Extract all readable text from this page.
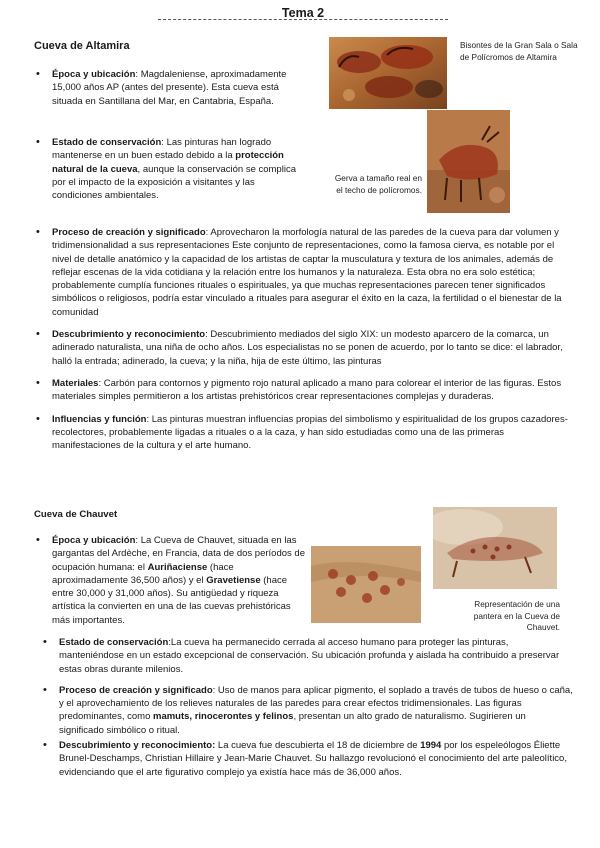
Tema 2
Cueva de Altamira	Bisontes de la Gran Sala o Sala de Polícromos de Altamira
Gerva a tamaño real en el techo de polícromos.
• Época y ubicación: Magdaleniense, aproximadamente 15,000 años AP (antes del presente). Esta cueva está situada en Santillana del Mar, en Cantabria, España.
• Estado de conservación: Las pinturas han logrado mantenerse en un buen estado debido a la protección natural de la cueva, aunque la conservación se complica por el impacto de la exposición a visitantes y las condiciones ambientales.
• Proceso de creación y significado: Aprovecharon la morfología natural de las paredes de la cueva para dar volumen y tridimensionalidad a sus representaciones Este conjunto de representaciones, como la famosa cierva, es notable por el nivel de detalle anatómico y la capacidad de los artistas de captar la musculatura y textura de los animales, además de reflejar escenas de la vida cotidiana y la relación entre los humanos y la naturaleza. Esta obra no era solo estética; probablemente cumplía funciones rituales o espirituales, ya que muchas representaciones parecen tener significados simbólicos o religiosos, podría estar vinculado a rituales para asegurar el éxito en la caza, la fertilidad o el bienestar de la comunidad
• Descubrimiento y reconocimiento: Descubrimiento mediados del siglo XIX: un modesto aparcero de la comarca, un adinerado naturalista, una niña de ocho años. Los especialistas no se ponen de acuerdo, por lo tanto se dice: el labrador, halló la entrada; adinerado, la cueva; y la niña, hija de este último, las pinturas
• Materiales: Carbón para contornos y pigmento rojo natural aplicado a mano para colorear el interior de las figuras. Estos materiales simples permitieron a los artistas prehistóricos crear representaciones complejas y duraderas.
• Influencias y función: Las pinturas muestran influencias propias del simbolismo y espiritualidad de los grupos cazadores-recolectores, probablemente ligadas a rituales o a la caza, y han sido estudiadas como una de las primeras manifestaciones de la cultura y el arte humano.
Cueva de Chauvet
Representación de una pantera en la Cueva de Chauvet.
• Época y ubicación: La Cueva de Chauvet, situada en las gargantas del Ardèche, en Francia, data de dos períodos de ocupación humana: el Auriñaciense (hace aproximadamente 36,500 años) y el Gravetiense (hace entre 30,000 y 31,000 años). Su antigüedad y riqueza artística la convierten en una de las cuevas prehistóricas más importantes.
• Estado de conservación:La cueva ha permanecido cerrada al acceso humano para proteger las pinturas, manteniéndose en un estado excepcional de conservación. Su ubicación profunda y aislada ha contribuido a preservar estas obras durante milenios.
• Proceso de creación y significado: Uso de manos para aplicar pigmento, el soplado a través de tubos de hueso o caña, y el aprovechamiento de los relieves naturales de las paredes para crear efectos tridimensionales. Las figuras predominantes, como mamuts, rinocerontes y felinos, presentan un alto grado de naturalismo. Sugirieren un significado simbólico o ritual.
• Descubrimiento y reconocimiento: La cueva fue descubierta el 18 de diciembre de 1994 por los espeleólogos Éliette Brunel-Deschamps, Christian Hillaire y Jean-Marie Chauvet. Su hallazgo revolucionó el conocimiento del arte paleolítico, evidenciando que el arte figurativo complejo ya existía hace más de 36,000 años.
